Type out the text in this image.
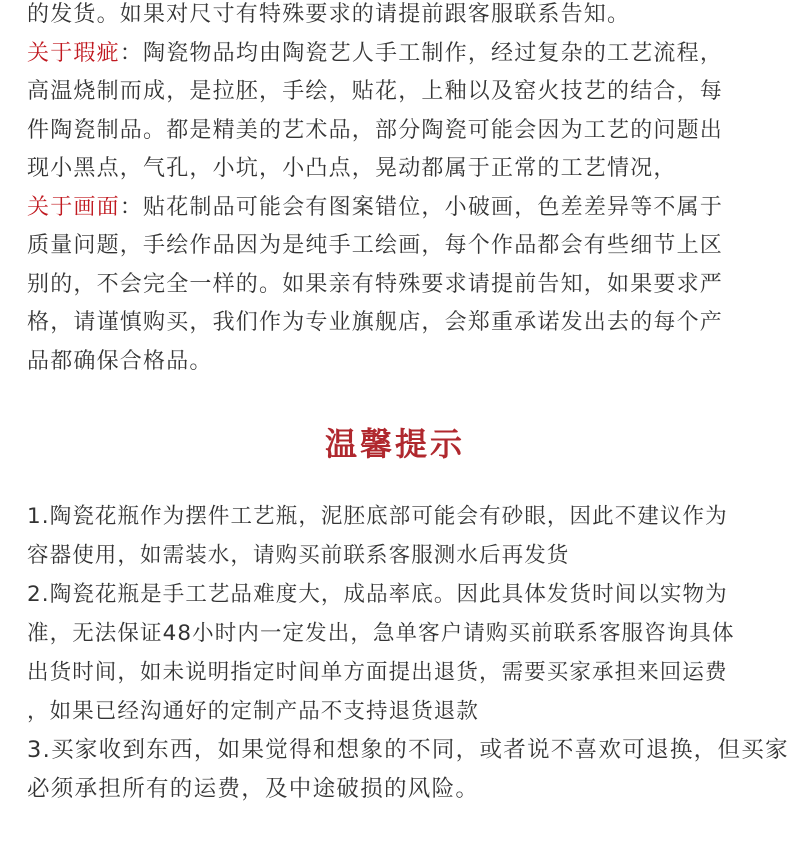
的发货。如果对尺寸有特殊要求的请提前跟客服联系告知。
关于瑕疵：陶瓷物品均由陶瓷艺人手工制作，经过复杂的工艺流程，
高温烧制而成，是拉胚，手绘，贴花，上釉以及窑火技艺的结合，每
件陶瓷制品。都是精美的艺术品，部分陶瓷可能会因为工艺的问题出
现小黑点，气孔，小坑，小凸点，晃动都属于正常的工艺情况，
关于画面：贴花制品可能会有图案错位，小破画，色差差异等不属于
质量问题，手绘作品因为是纯手工绘画，每个作品都会有些细节上区
别的，不会完全一样的。如果亲有特殊要求请提前告知，如果要求严
格，请谨慎购买，我们作为专业旗舰店，会郑重承诺发出去的每个产
品都确保合格品。
温馨提示
1.陶瓷花瓶作为摆件工艺瓶，泥胚底部可能会有砂眼，因此不建议作为
容器使用，如需装水，请购买前联系客服测水后再发货
2.陶瓷花瓶是手工艺品难度大，成品率底。因此具体发货时间以实物为
准，无法保证48小时内一定发出，急单客户请购买前联系客服咨询具体
出货时间，如未说明指定时间单方面提出退货，需要买家承担来回运费
，如果已经沟通好的定制产品不支持退货退款
3.买家收到东西，如果觉得和想象的不同，或者说不喜欢可退换，但买家
必须承担所有的运费，及中途破损的风险。
